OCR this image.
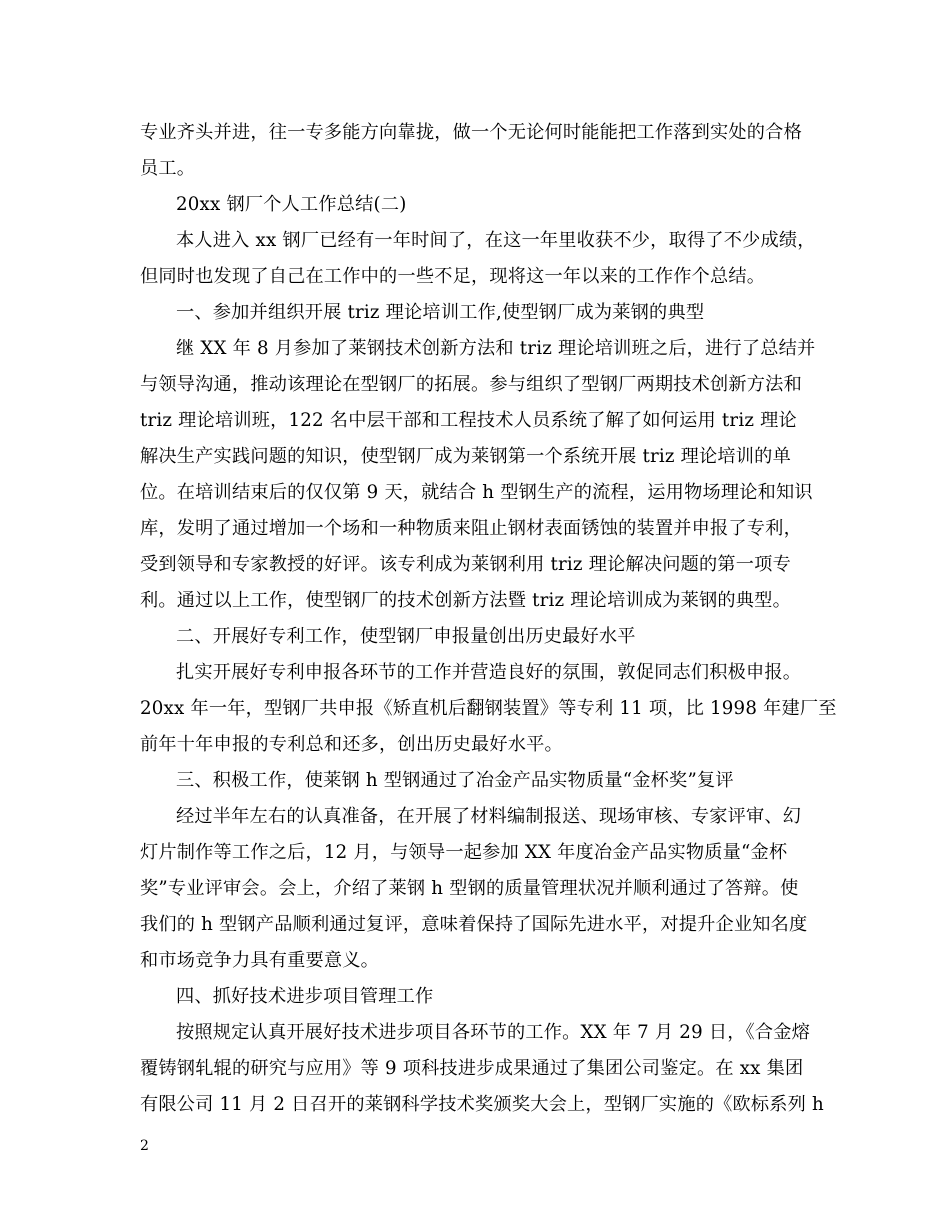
专业齐头并进，往一专多能方向靠拢，做一个无论何时能能把工作落到实处的合格
员工。
20xx 钢厂个人工作总结(二)
本人进入 xx 钢厂已经有一年时间了，在这一年里收获不少，取得了不少成绩，
但同时也发现了自己在工作中的一些不足，现将这一年以来的工作作个总结。
一、参加并组织开展 triz 理论培训工作,使型钢厂成为莱钢的典型
继 XX 年 8 月参加了莱钢技术创新方法和 triz 理论培训班之后，进行了总结并
与领导沟通，推动该理论在型钢厂的拓展。参与组织了型钢厂两期技术创新方法和
triz 理论培训班，122 名中层干部和工程技术人员系统了解了如何运用 triz 理论
解决生产实践问题的知识，使型钢厂成为莱钢第一个系统开展 triz 理论培训的单
位。在培训结束后的仅仅第 9 天，就结合 h 型钢生产的流程，运用物场理论和知识
库，发明了通过增加一个场和一种物质来阻止钢材表面锈蚀的装置并申报了专利，
受到领导和专家教授的好评。该专利成为莱钢利用 triz 理论解决问题的第一项专
利。通过以上工作，使型钢厂的技术创新方法暨 triz 理论培训成为莱钢的典型。
二、开展好专利工作，使型钢厂申报量创出历史最好水平
扎实开展好专利申报各环节的工作并营造良好的氛围，敦促同志们积极申报。
20xx 年一年，型钢厂共申报《矫直机后翻钢装置》等专利 11 项，比 1998 年建厂至
前年十年申报的专利总和还多，创出历史最好水平。
三、积极工作，使莱钢 h 型钢通过了冶金产品实物质量“金杯奖”复评
经过半年左右的认真准备，在开展了材料编制报送、现场审核、专家评审、幻
灯片制作等工作之后，12 月，与领导一起参加 XX 年度冶金产品实物质量“金杯
奖”专业评审会。会上，介绍了莱钢 h 型钢的质量管理状况并顺利通过了答辩。使
我们的 h 型钢产品顺利通过复评，意味着保持了国际先进水平，对提升企业知名度
和市场竞争力具有重要意义。
四、抓好技术进步项目管理工作
按照规定认真开展好技术进步项目各环节的工作。XX 年 7 月 29 日，《合金熔
覆铸钢轧辊的研究与应用》等 9 项科技进步成果通过了集团公司鉴定。在 xx 集团
有限公司 11 月 2 日召开的莱钢科学技术奖颁奖大会上，型钢厂实施的《欧标系列 h
2
